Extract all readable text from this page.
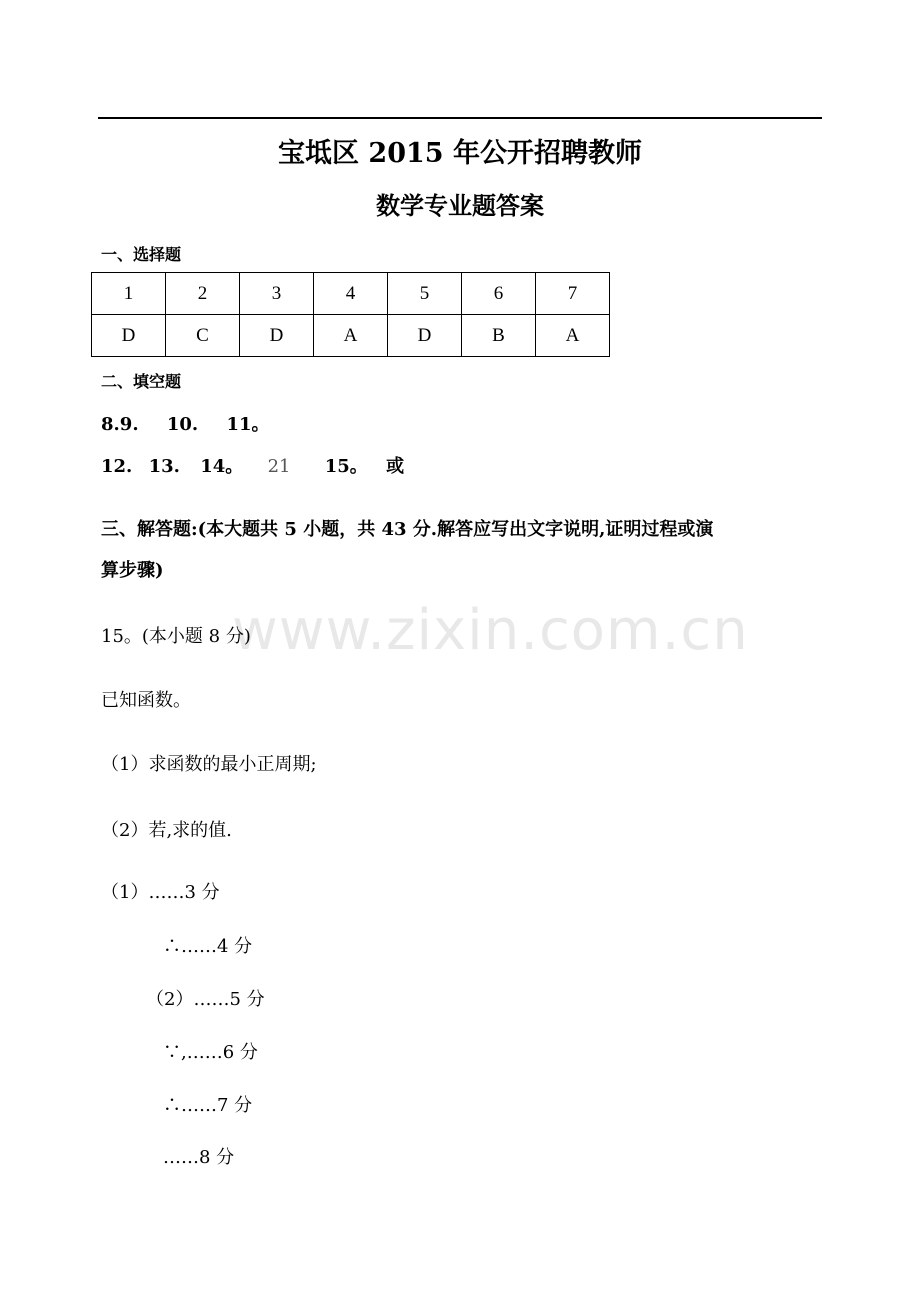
宝坻区 2015 年公开招聘教师
数学专业题答案
一、选择题
1	2	3	4	5	6	7
D	C	D	A	D	B	A
二、填空题
8.9. 10. 11。
12. 13. 14。 21 15。 或
三、解答题:(本大题共 5 小题，共 43 分.解答应写出文字说明,证明过程或演
算步骤)
www.zixin.com.cn
15。(本小题 8 分)
已知函数。
（1）求函数的最小正周期;
（2）若,求的值.
（1）……3 分
∴……4 分
（2）……5 分
∵,……6 分
∴……7 分
……8 分
